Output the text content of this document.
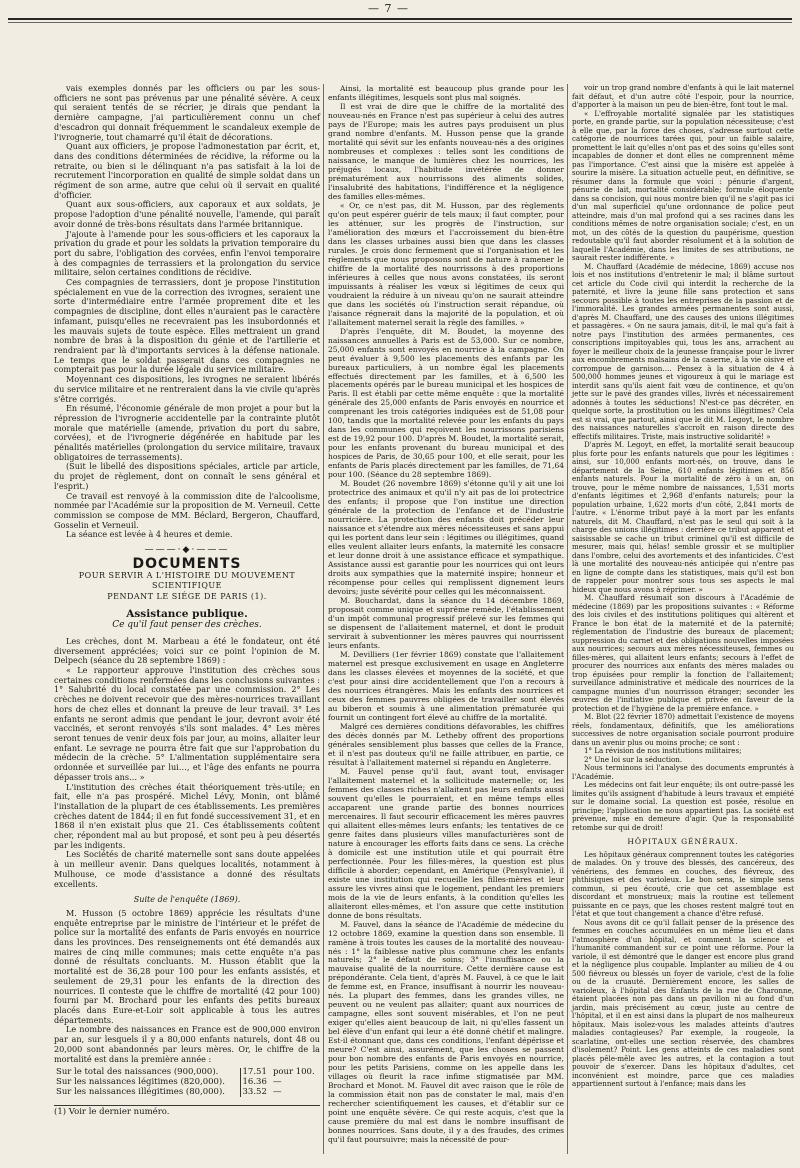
— 7 —

vais exemples donnés par les officiers ou par les sous-officiers ne sont pas prévenus par une pénalité sévère. A ceux qui seraient tentés de se récrier, je dirais que pendant la dernière campagne, j'ai particulièrement connu un chef d'escadron qui donnait fréquemment le scandaleux exemple de l'ivrognerie, tout chamarré qu'il était de décorations.

Quant aux officiers, je propose l'admonestation par écrit, et, dans des conditions déterminées de récidive, la réforme ou la retraite, ou bien si le délinquant n'a pas satisfait à la loi de recrutement l'incorporation en qualité de simple soldat dans un régiment de son arme, autre que celui où il servait en qualité d'officier.

Quant aux sous-officiers, aux caporaux et aux soldats, je propose l'adoption d'une pénalité nouvelle, l'amende, qui paraît avoir donné de très-bons résultats dans l'armée britannique.

J'ajoute à l'amende pour les sous-officiers et les caporaux la privation du grade et pour les soldats la privation temporaire du port du sabre, l'obligation des corvées, enfin l'envoi temporaire à des compagnies de terrassiers et la prolongation du service militaire, selon certaines conditions de récidive.

Ces compagnies de terrassiers, dont je propose l'institution spécialement en vue de la correction des ivrognes, seraient une sorte d'intermédiaire entre l'armée proprement dite et les compagnies de discipline, dont elles n'auraient pas le caractère infamant, puisqu'elles ne recevraient pas les insubordonnés et les mauvais sujets de toute espèce. Elles mettraient un grand nombre de bras à la disposition du génie et de l'artillerie et rendraient par là d'importants services à la défense nationale. Le temps que le soldat passerait dans ces compagnies ne compterait pas pour la durée légale du service militaire.

Moyennant ces dispositions, les ivrognes ne seraient libérés du service militaire et ne rentreraient dans la vie civile qu'après s'être corrigés.

En résumé, l'économie générale de mon projet a pour but la répression de l'ivrognerie accidentelle par la contrainte plutôt morale que matérielle (amende, privation du port du sabre, corvées), et de l'ivrognerie dégénérée en habitude par les pénalités matérielles (prolongation du service militaire, travaux obligatoires de terrassements).

(Suit le libellé des dispositions spéciales, article par article, du projet de règlement, dont on connaît le sens général et l'esprit.)

Ce travail est renvoyé à la commission dite de l'alcoolisme, nommée par l'Académie sur la proposition de M. Verneuil. Cette commission se compose de MM. Béclard, Bergeron, Chauffard, Gosselin et Verneuil.

La séance est levée à 4 heures et demie.

———·◆·———
DOCUMENTS
POUR SERVIR A L'HISTOIRE DU MOUVEMENT SCIENTIFIQUE
PENDANT LE SIÉGE DE PARIS (1).
Assistance publique.
Ce qu'il faut penser des crèches.

Les crèches, dont M. Marbeau a été le fondateur, ont été diversement appréciées; voici sur ce point l'opinion de M. Delpech (séance du 28 septembre 1869) :

« Le rapporteur approuve l'institution des crèches sous certaines conditions renfermées dans les conclusions suivantes : 1° Salubrité du local constatée par une commission. 2° Les crèches ne doivent recevoir que des mères-nourrices travaillant hors de chez elles et donnant la preuve de leur travail. 3° Les enfants ne seront admis que pendant le jour, devront avoir été vaccinés, et seront renvoyés s'ils sont malades. 4° Les mères seront tenues de venir deux fois par jour, au moins, allaiter leur enfant. Le sevrage ne pourra être fait que sur l'approbation du médecin de la crèche. 5° L'alimentation supplémentaire sera ordonnée et surveillée par lui…, et l'âge des enfants ne pourra dépasser trois ans… »

L'institution des crèches était théoriquement très-utile; en fait, elle n'a pas prospéré. Michel Lévy, Monin, ont blâmé l'installation de la plupart de ces établissements. Les premières crèches datent de 1844; il en fut fondé successivement 31, et en 1868 il n'en existait plus que 21. Ces établissements coûtent cher, répondent mal au but proposé, et sont peu à peu désertés par les indigents.

Les Sociétés de charité maternelle sont sans doute appelées à un meilleur avenir. Dans quelques localités, notamment à Mulhouse, ce mode d'assistance a donné des résultats excellents.

Suite de l'enquête (1869).

M. Husson (5 octobre 1869) apprécie les résultats d'une enquête entreprise par le ministre de l'intérieur et le préfet de police sur la mortalité des enfants de Paris envoyés en nourrice dans les provinces. Des renseignements ont été demandés aux maires de cinq mille communes; mais cette enquête n'a pas donné de résultats concluants. M. Husson établit que la mortalité est de 36,28 pour 100 pour les enfants assistés, et seulement de 29,31 pour les enfants de la direction des nourrices. Il conteste que le chiffre de mortalité (42 pour 100) fourni par M. Brochard pour les enfants des petits bureaux placés dans Eure-et-Loir soit applicable à tous les autres départements.

Le nombre des naissances en France est de 900,000 environ par an, sur lesquels il y a 80,000 enfants naturels, dont 48 ou 20,000 sont abandonnés par leurs mères. Or, le chiffre de la mortalité est dans la première année :

Sur le total des naissances (900,000).	17.51	pour 100.
Sur les naissances légitimes (820,000).	16.36	—
Sur les naissances illégitimes (80,000).	33.52	—
(1) Voir le dernier numéro.

Ainsi, la mortalité est beaucoup plus grande pour les enfants illégitimes, lesquels sont plus mal soignés.

Il est vrai de dire que le chiffre de la mortalité des nouveau-nés en France n'est pas supérieur à celui des autres pays de l'Europe; mais les autres pays produisent un plus grand nombre d'enfants. M. Husson pense que la grande mortalité qui sévit sur les enfants nouveau-nés a des origines nombreuses et complexes : telles sont les conditions de naissance, le manque de lumières chez les nourrices, les préjugés locaux, l'habitude invétérée de donner prématurément aux nourrissons des aliments solides, l'insalubrité des habitations, l'indifférence et la négligence des familles elles-mêmes.

« Or, ce n'est pas, dit M. Husson, par des règlements qu'on peut espérer guérir de tels maux; il faut compter, pour les atténuer, sur les progrès de l'instruction, sur l'amélioration des mœurs et l'accroissement du bien-être dans les classes urbaines aussi bien que dans les classes rurales. Je crois donc fermement que si l'organisation et les règlements que nous proposons sont de nature à ramener le chiffre de la mortalité des nourrissons à des proportions inférieures à celles que nous avons constatées, ils seront impuissants à réaliser les vœux si légitimes de ceux qui voudraient la réduire à un niveau qu'on ne saurait atteindre que dans les sociétés où l'instruction serait répandue, où l'aisance régnerait dans la majorité de la population, et où l'allaitement maternel serait la règle des familles. »

D'après l'enquête, dit M. Boudet, la moyenne des naissances annuelles à Paris est de 53,000. Sur ce nombre, 25,000 enfants sont envoyés en nourrice à la campagne. On peut évaluer à 9,500 les placements des enfants par les bureaux particuliers, à un nombre égal les placements effectués directement par les familles, et à 6,500 les placements opérés par le bureau municipal et les hospices de Paris. Il est établi par cette même enquête : que la mortalité générale des 25,000 enfants de Paris envoyés en nourrice et comprenant les trois catégories indiquées est de 51,08 pour 100, tandis que la mortalité relevée pour les enfants du pays dans les communes qui reçoivent les nourrissons parisiens est de 19,92 pour 100. D'après M. Boudet, la mortalité serait, pour les enfants provenant du bureau municipal et des hospices de Paris, de 30,65 pour 100, et elle serait, pour les enfants de Paris placés directement par les familles, de 71,64 pour 100. (Séance du 28 septembre 1869).

M. Boudet (26 novembre 1869) s'étonne qu'il y ait une loi protectrice des animaux et qu'il n'y ait pas de loi protectrice des enfants; il propose que l'on institue une direction générale de la protection de l'enfance et de l'industrie nourricière. La protection des enfants doit précéder leur naissance et s'étendre aux mères nécessiteuses et sans appui qui les portent dans leur sein : légitimes ou illégitimes, quand elles veulent allaiter leurs enfants, la maternité les consacre et leur donne droit à une assistance efficace et sympathique. Assistance aussi est garantie pour les nourrices qui ont leurs droits aux sympathies que la maternité inspire; honneur et récompense pour celles qui remplissent dignement leurs devoirs; juste sévérité pour celles qui les méconnaissent.

M. Bouchardat, dans la séance du 14 décembre 1869, proposait comme unique et suprême remède, l'établissement d'un impôt communal progressif prélevé sur les femmes qui se dispensent de l'allaitement maternel, et dont le produit servirait à subventionner les mères pauvres qui nourrissent leurs enfants.

M. Devilliers (1er février 1869) constate que l'allaitement maternel est presque exclusivement en usage en Angleterre dans les classes élevées et moyennes de la société, et que c'est pour ainsi dire accidentellement que l'on a recours à des nourrices étrangères. Mais les enfants des nourrices et ceux des femmes pauvres obligées de travailler sont élevés au biberon et soumis à une alimentation prématurée qui fournit un contingent fort élevé au chiffre de la mortalité.

Malgré ces dernières conditions défavorables, les chiffres des décès donnés par M. Letheby offrent des proportions générales sensiblement plus basses que celles de la France, et il n'est pas douteux qu'il ne faille attribuer, en partie, ce résultat à l'allaitement maternel si répandu en Angleterre.

M. Fauvel pense qu'il faut, avant tout, envisager l'allaitement maternel et la sollicitude maternelle; or, les femmes des classes riches n'allaitent pas leurs enfants aussi souvent qu'elles le pourraient, et en même temps elles accaparent une grande partie des bonnes nourrices mercenaires. Il faut secourir efficacement les mères pauvres qui allaitent elles-mêmes leurs enfants; les tentatives de ce genre faites dans plusieurs villes manufacturières sont de nature à encourager les efforts faits dans ce sens. La crèche à domicile est une institution utile et qui pourrait être perfectionnée. Pour les filles-mères, la question est plus difficile à aborder; cependant, en Amérique (Pensylvanie), il existe une institution qui recueille les filles-mères et leur assure les vivres ainsi que le logement, pendant les premiers mois de la vie de leurs enfants, à la condition qu'elles les allaiteront elles-mêmes, et l'on assure que cette institution donne de bons résultats.

M. Fauvel, dans la séance de l'Académie de médecine du 12 octobre 1869, examine la question dans son ensemble. Il ramène à trois toutes les causes de la mortalité des nouveau-nés : 1° la faiblesse native plus commune chez les enfants naturels; 2° le défaut de soins; 3° l'insuffisance ou la mauvaise qualité de la nourriture. Cette dernière cause est prépondérante. Cela tient, d'après M. Fauvel, à ce que le lait de femme est, en France, insuffisant à nourrir les nouveau-nés. La plupart des femmes, dans les grandes villes, ne peuvent ou ne veulent pas allaiter; quant aux nourrices de campagne, elles sont souvent misérables, et l'on ne peut exiger qu'elles aient beaucoup de lait, ni qu'elles fassent un bel élève d'un enfant qui leur a été donné chétif et malingre. Est-il étonnant que, dans ces conditions, l'enfant dépérisse et meure? C'est ainsi, assurément, que les choses se passent pour bon nombre des enfants de Paris envoyés en nourrice, pour les petits Parisiens, comme on les appelle dans les villages où fleurit la race infime stigmatisée par MM. Brochard et Monot. M. Fauvel dit avec raison que le rôle de la commission était non pas de constater le mal, mais d'en rechercher scientifiquement les causes, et d'établir sur ce point une enquête sévère. Ce qui reste acquis, c'est que la cause première du mal est dans le nombre insuffisant de bonnes nourrices. Sans doute, il y a des fraudes, des crimes qu'il faut poursuivre; mais la nécessité de pour-

voir un trop grand nombre d'enfants à qui le lait maternel fait défaut, et d'un autre côté l'espoir, pour la nourrice, d'apporter à la maison un peu de bien-être, font tout le mal.

« L'effroyable mortalité signalée par les statistiques porte, en grande partie, sur la population nécessiteuse; c'est à elle que, par la force des choses, s'adresse surtout cette catégorie de nourrices tarées qui, pour un faible salaire, promettent le lait qu'elles n'ont pas et des soins qu'elles sont incapables de donner et dont elles ne comprennent même pas l'importance. C'est ainsi que la misère est appelée à sourire la misère. La situation actuelle peut, en définitive, se résumer dans la formule que voici : pénurie d'argent, pénurie de lait, mortalité considérable; formule éloquente dans sa concision, qui nous montre bien qu'il ne s'agit pas ici d'un mal superficiel qu'une ordonnance de police peut atteindre, mais d'un mal profond qui a ses racines dans les conditions mêmes de notre organisation sociale; c'est, en un mot, un des côtés de la question du paupérisme, question redoutable qu'il faut aborder résolument et à la solution de laquelle l'Académie, dans les limites de ses attributions, ne saurait rester indifférente. »

M. Chauffard (Académie de médecine, 1869) accuse nos lois et nos institutions d'entretenir le mal; il blâme surtout cet article du Code civil qui interdit la recherche de la paternité, et livre la jeune fille sans protection et sans secours possible à toutes les entreprises de la passion et de l'immoralité. Les grandes armées permanentes sont aussi, d'après M. Chauffard, une des causes des unions illégitimes et passagères. « On ne saura jamais, dit-il, le mal qu'a fait à notre pays l'institution des armées permanentes, ces conscriptions impitoyables qui, tous les ans, arrachent au foyer le meilleur choix de la jeunesse française pour le livrer aux encombrements malsains de la caserne, à la vie oisive et corrompue de garnison…. Pensez à la situation de 4 à 500,000 hommes jeunes et vigoureux à qui le mariage est interdit sans qu'ils aient fait vœu de continence, et qu'on jette sur le pavé des grandes villes, livrés et nécessairement adonnés à toutes les séductions! N'est-ce pas décréter, en quelque sorte, la prostitution ou les unions illégitimes? Cela est si vrai, que partout, ainsi que le dit M. Legoyt, le nombre des naissances naturelles s'accroît en raison directe des effectifs militaires. Triste, mais instructive solidarité! »

D'après M. Legoyt, en effet, la mortalité serait beaucoup plus forte pour les enfants naturels que pour les légitimes : ainsi, sur 10,000 enfants mort-nés, on trouve, dans le département de la Seine, 610 enfants légitimes et 856 enfants naturels. Pour la mortalité de zéro à un an, on trouve, pour le même nombre de naissances, 1,531 morts d'enfants légitimes et 2,968 d'enfants naturels; pour la population urbaine, 1,622 morts d'un côté, 2,841 morts de l'autre. « L'énorme tribut payé à la mort par les enfants naturels, dit M. Chauffard, n'est pas le seul qui soit à la charge des unions illégitimes : derrière ce tribut apparent et saisissable se cache un tribut criminel qu'il est difficile de mesurer, mais qui, hélas! semble grossir et se multiplier dans l'ombre, celui des avortements et des infanticides. C'est là une mortalité des nouveau-nés anticipée qui n'entre pas en ligne de compte dans les statistiques, mais qu'il est bon de rappeler pour montrer sous tous ses aspects le mal hideux que nous avons à réprimer. »

M. Chauffard résumait son discours à l'Académie de médecine (1869) par les propositions suivantes : « Réforme des lois civiles et des institutions politiques qui altèrent et France le bon état de la maternité et de la paternité; réglementation de l'industrie des bureaux de placement; suppression du carnet et des obligations nouvelles imposées aux nourrices; secours aux mères nécessiteuses, femmes ou filles-mères, qui allaitent leurs enfants; secours à l'effet de procurer des nourrices aux enfants des mères malades ou trop épuisées pour remplir la fonction de l'allaitement; surveillance administrative et médicale des nourrices de la campagne munies d'un nourrisson étranger; seconder les œuvres de l'initiative publique et privée en faveur de la protection et de l'hygiène de la première enfance. »

M. Blot (22 février 1870) admettait l'existence de moyens réels, fondamentaux, définitifs, que les améliorations successives de notre organisation sociale pourront produire dans un avenir plus ou moins proche; ce sont :

1° La révision de nos institutions militaires;

2° Une loi sur la séduction.

Nous terminons ici l'analyse des documents empruntés à l'Académie.

Les médecins ont fait leur enquête; ils ont outre-passé les limites qu'ils assignent d'habitude à leurs travaux et empiété sur le domaine social. La question est posée, résolue en principe; l'application ne nous appartient pas. La société est prévenue, mise en demeure d'agir. Que la responsabilité retombe sur qui de droit!

HÔPITAUX GÉNÉRAUX.

Les hôpitaux généraux comprennent toutes les catégories de malades. On y trouve des blessés, des cancéreux, des vénériens, des femmes en couches, des fiévreux, des phthisiques et des varioleux. Le bon sens, le simple sens commun, si peu écouté, crie que cet assemblage est discordant et monstrueux; mais la routine est tellement puissante en ce pays, que les choses restent malgré tout en l'état et que tout changement a chance d'être refusé.

Nous avons dit ce qu'il fallait penser de la présence des femmes en couches accumulées en un même lieu et dans l'atmosphère d'un hôpital, et comment la science et l'humanité commandent sur ce point une réforme. Pour la variole, il est démontré que le danger est encore plus grand et la négligence plus coupable. Implanter au milieu de 4 ou 500 fiévreux ou blessés un foyer de variole, c'est de la folie ou de la cruauté. Dernièrement encore, les salles de varioleux, à l'hôpital des Enfants de la rue de Charonne, étaient placées non pas dans un pavillon ni au fond d'un jardin, mais précisément au cœur, juste au centre de l'hôpital, et il en est ainsi dans la plupart de nos malheureux hôpitaux. Mais isolez-vous les malades atteints d'autres maladies contagieuses? Par exemple, la rougeole, la scarlatine, ont-elles une section réservée, des chambres d'isolement? Point. Les gens atteints de ces maladies sont placés pêle-mêle avec les autres, et la contagion a tout pouvoir de s'exercer. Dans les hôpitaux d'adultes, cet inconvénient est moindre, parce que ces maladies appartiennent surtout à l'enfance; mais dans les
